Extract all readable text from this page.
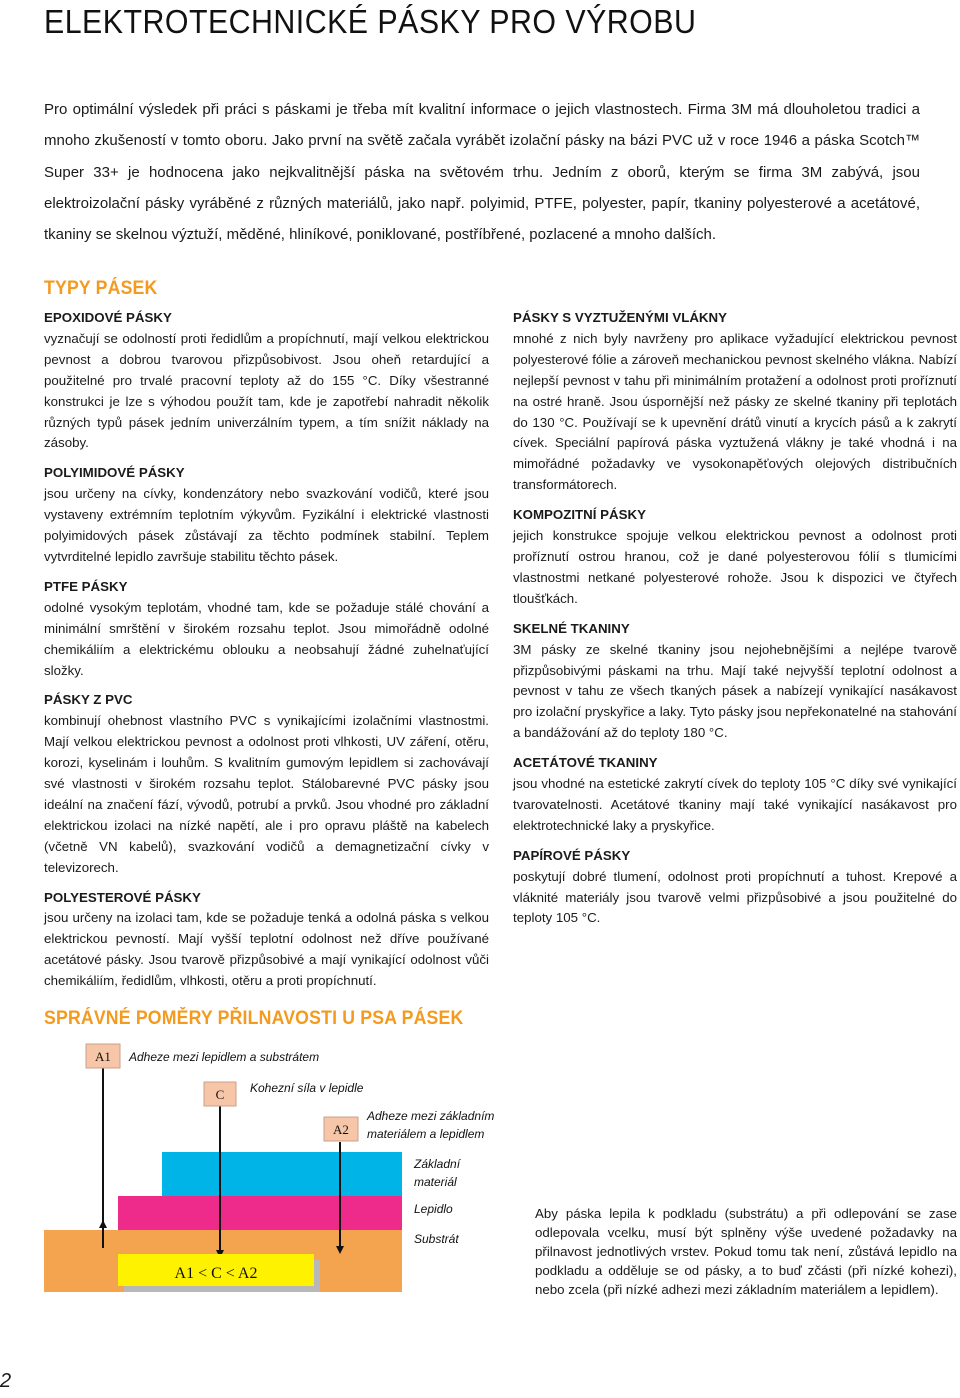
ELEKTROTECHNICKÉ PÁSKY PRO VÝROBU
Pro optimální výsledek při práci s páskami je třeba mít kvalitní informace o jejich vlastnostech. Firma 3M má dlouholetou tradici a mnoho zkušeností v tomto oboru. Jako první na světě začala vyrábět izolační pásky na bázi PVC už v roce 1946 a páska Scotch™ Super 33+ je hodnocena jako nejkvalitnější páska na světovém trhu. Jedním z oborů, kterým se firma 3M zabývá, jsou elektroizolační pásky vyráběné z různých materiálů, jako např. polyimid, PTFE, polyester, papír, tkaniny polyesterové a acetátové, tkaniny se skelnou výztuží, měděné, hliníkové, poniklované, postříbřené, pozlacené a mnoho dalších.
TYPY PÁSEK
EPOXIDOVÉ PÁSKY

vyznačují se odolností proti ředidlům a propíchnutí, mají velkou elektrickou pevnost a dobrou tvarovou přizpůsobivost. Jsou oheň retardující a použitelné pro trvalé pracovní teploty až do 155 °C. Díky všestranné konstrukci je lze s výhodou použít tam, kde je zapotřebí nahradit několik různých typů pásek jedním univerzálním typem, a tím snížit náklady na zásoby.

POLYIMIDOVÉ PÁSKY

jsou určeny na cívky, kondenzátory nebo svazkování vodičů, které jsou vystaveny extrémním teplotním výkyvům. Fyzikální i elektrické vlastnosti polyimidových pásek zůstávají za těchto podmínek stabilní. Teplem vytvrditelné lepidlo završuje stabilitu těchto pásek.

PTFE PÁSKY

odolné vysokým teplotám, vhodné tam, kde se požaduje stálé chování a minimální smrštění v širokém rozsahu teplot. Jsou mimořádně odolné chemikáliím a elektrickému oblouku a neobsahují žádné zuhelnaťující složky.

PÁSKY Z PVC

kombinují ohebnost vlastního PVC s vynikajícími izolačními vlastnostmi. Mají velkou elektrickou pevnost a odolnost proti vlhkosti, UV záření, otěru, korozi, kyselinám i louhům. S kvalitním gumovým lepidlem si zachovávají své vlastnosti v širokém rozsahu teplot. Stálobarevné PVC pásky jsou ideální na značení fází, vývodů, potrubí a prvků. Jsou vhodné pro základní elektrickou izolaci na nízké napětí, ale i pro opravu pláště na kabelech (včetně VN kabelů), svazkování vodičů a demagnetizační cívky v televizorech.

POLYESTEROVÉ PÁSKY

jsou určeny na izolaci tam, kde se požaduje tenká a odolná páska s velkou elektrickou pevností. Mají vyšší teplotní odolnost než dříve používané acetátové pásky. Jsou tvarově přizpůsobivé a mají vynikající odolnost vůči chemikáliím, ředidlům, vlhkosti, otěru a proti propíchnutí.

PÁSKY S VYZTUŽENÝMI VLÁKNY

mnohé z nich byly navrženy pro aplikace vyžadující elektrickou pevnost polyesterové fólie a zároveň mechanickou pevnost skelného vlákna. Nabízí nejlepší pevnost v tahu při minimálním protažení a odolnost proti proříznutí na ostré hraně. Jsou úspornější než pásky ze skelné tkaniny při teplotách do 130 °C. Používají se k upevnění drátů vinutí a krycích pásů a k zakrytí cívek. Speciální papírová páska vyztužená vlákny je také vhodná i na mimořádné požadavky ve vysokonapěťových olejových distribučních transformátorech.

KOMPOZITNÍ PÁSKY

jejich konstrukce spojuje velkou elektrickou pevnost a odolnost proti proříznutí ostrou hranou, což je dané polyesterovou fólií s tlumicími vlastnostmi netkané polyesterové rohože. Jsou k dispozici ve čtyřech tloušťkách.

SKELNÉ TKANINY

3M pásky ze skelné tkaniny jsou nejohebnějšími a nejlépe tvarově přizpůsobivými páskami na trhu. Mají také nejvyšší teplotní odolnost a pevnost v tahu ze všech tkaných pásek a nabízejí vynikající nasákavost pro izolační pryskyřice a laky. Tyto pásky jsou nepřekonatelné na stahování a bandážování až do teploty 180 °C.

ACETÁTOVÉ TKANINY

jsou vhodné na estetické zakrytí cívek do teploty 105 °C díky své vynikající tvarovatelnosti. Acetátové tkaniny mají také vynikající nasákavost pro elektrotechnické laky a pryskyřice.

PAPÍROVÉ PÁSKY

poskytují dobré tlumení, odolnost proti propíchnutí a tuhost. Krepové a vláknité materiály jsou tvarově velmi přizpůsobivé a jsou použitelné do teploty 105 °C.

SPRÁVNÉ POMĚRY PŘILNAVOSTI U PSA PÁSEK
A1
C
A2
A1 < C < A2
Adheze mezi lepidlem a substrátem
Kohezní síla v lepidle
Adheze mezi základním
materiálem a lepidlem
Základní
materiál
Lepidlo
Substrát
Aby páska lepila k podkladu (substrátu) a při odlepování se zase odlepovala vcelku, musí být splněny výše uvedené požadavky na přilnavost jednotlivých vrstev. Pokud tomu tak není, zůstává lepidlo na podkladu a odděluje se od pásky, a to buď zčásti (při nízké kohezi), nebo zcela (při nízké adhezi mezi základním materiálem a lepidlem).
2
